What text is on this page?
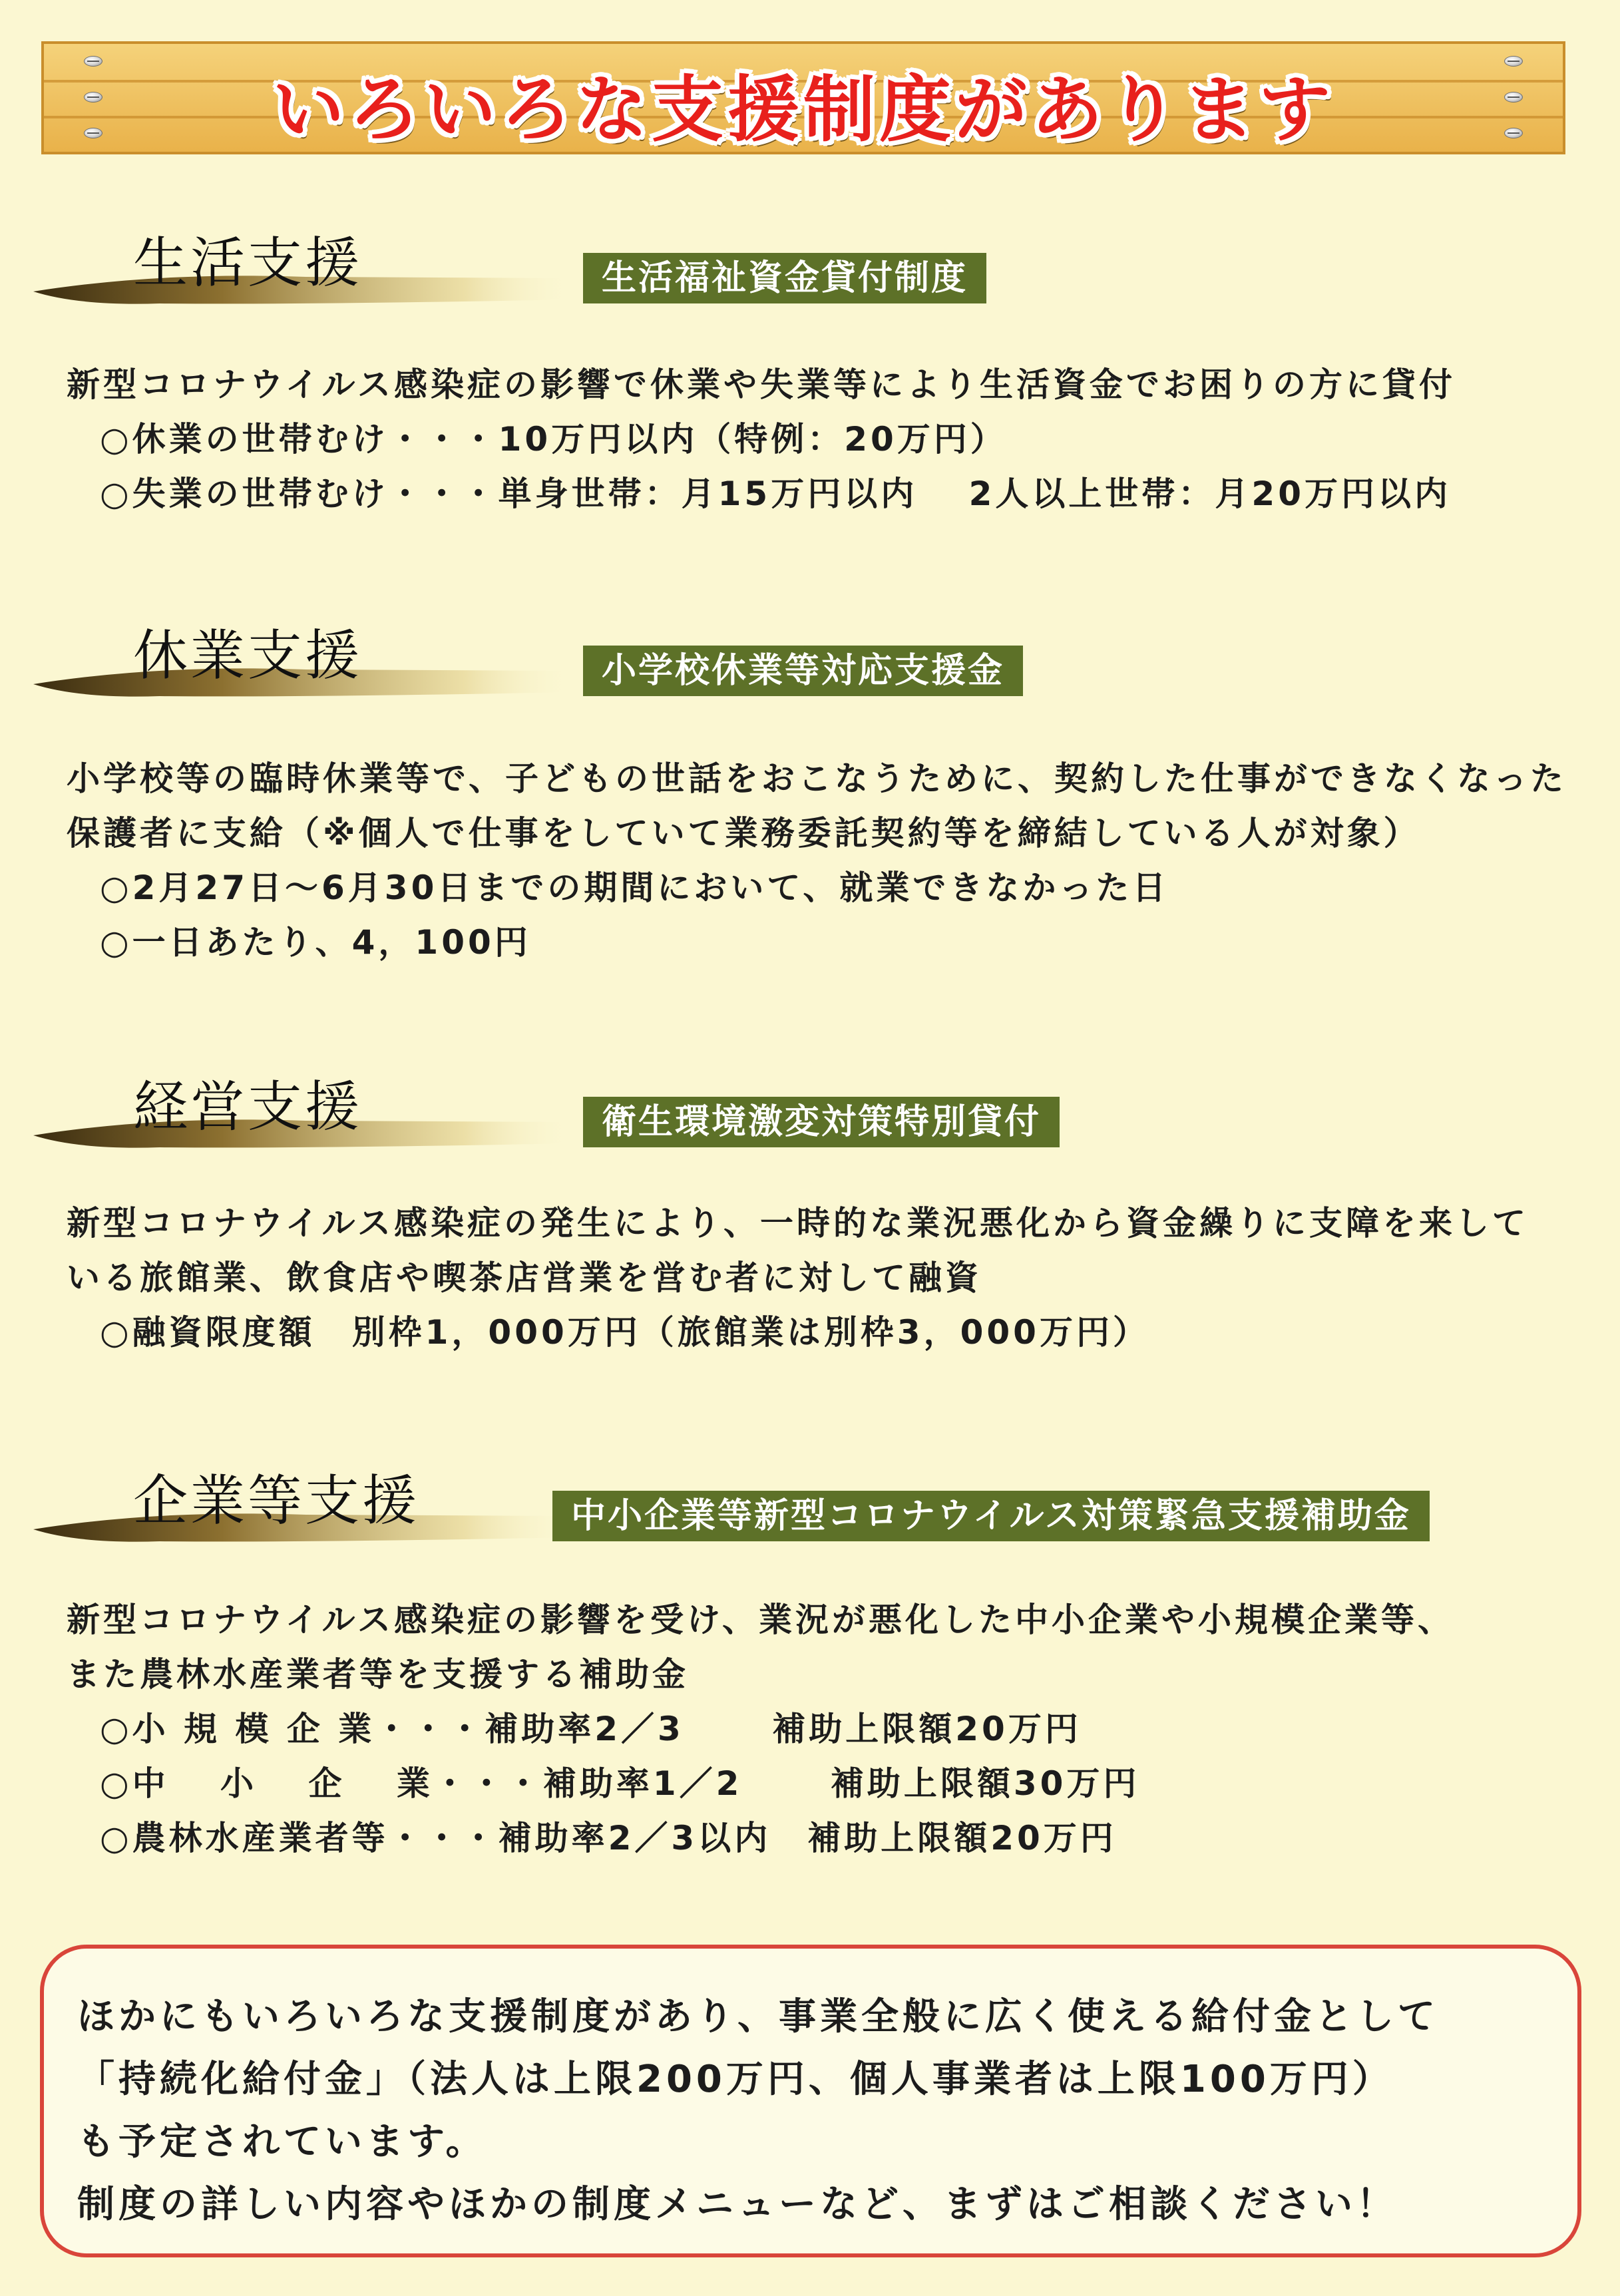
いろいろな支援制度があります
生活支援	生活福祉資金貸付制度
新型コロナウイルス感染症の影響で休業や失業等により生活資金でお困りの方に貸付
○休業の世帯むけ・・・10万円以内（特例：20万円）
○失業の世帯むけ・・・単身世帯：月15万円以内　 2人以上世帯：月20万円以内
休業支援	小学校休業等対応支援金
小学校等の臨時休業等で、子どもの世話をおこなうために、契約した仕事ができなくなった
保護者に支給（※個人で仕事をしていて業務委託契約等を締結している人が対象）
○2月27日～6月30日までの期間において、就業できなかった日
○一日あたり、4，100円
経営支援	衛生環境激変対策特別貸付
新型コロナウイルス感染症の発生により、一時的な業況悪化から資金繰りに支障を来して
いる旅館業、飲食店や喫茶店営業を営む者に対して融資
○融資限度額　別枠1，000万円（旅館業は別枠3，000万円）
企業等支援	中小企業等新型コロナウイルス対策緊急支援補助金
新型コロナウイルス感染症の影響を受け、業況が悪化した中小企業や小規模企業等、
また農林水産業者等を支援する補助金
○小 規 模 企 業・・・補助率2／3　　 補助上限額20万円
○中　 小 　企 　業・・・補助率1／2　　 補助上限額30万円
○農林水産業者等・・・補助率2／3以内　補助上限額20万円
ほかにもいろいろな支援制度があり、事業全般に広く使える給付金として
「持続化給付金」（法人は上限200万円、個人事業者は上限100万円）
も予定されています。
制度の詳しい内容やほかの制度メニューなど、まずはご相談ください！
